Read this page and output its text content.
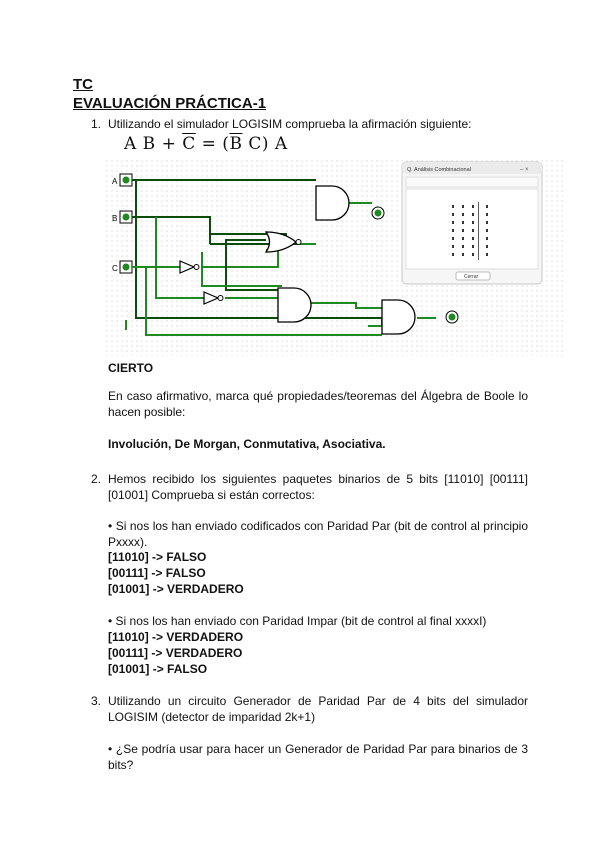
TC
EVALUACIÓN PRÁCTICA-1
1. Utilizando el simulador LOGISIM comprueba la afirmación siguiente:
A $B + \overline{C} = (\overline{B}$ C) A
A
B
C
Q. Análisis Combinacional	– ×
Cerrar
CIERTO
En caso afirmativo, marca qué propiedades/teoremas del Álgebra de Boole lo hacen posible:
Involución, De Morgan, Conmutativa, Asociativa.
2. Hemos recibido los siguientes paquetes binarios de 5 bits [11010] [00111] [01001] Comprueba si están correctos:
• Si nos los han enviado codificados con Paridad Par (bit de control al principio Pxxxx).
[11010] -> FALSO
[00111] -> FALSO
[01001] -> VERDADERO
• Si nos los han enviado con Paridad Impar (bit de control al final xxxxI)
[11010] -> VERDADERO
[00111] -> VERDADERO
[01001] -> FALSO
3. Utilizando un circuito Generador de Paridad Par de 4 bits del simulador LOGISIM (detector de imparidad 2k+1)
• ¿Se podría usar para hacer un Generador de Paridad Par para binarios de 3 bits?
